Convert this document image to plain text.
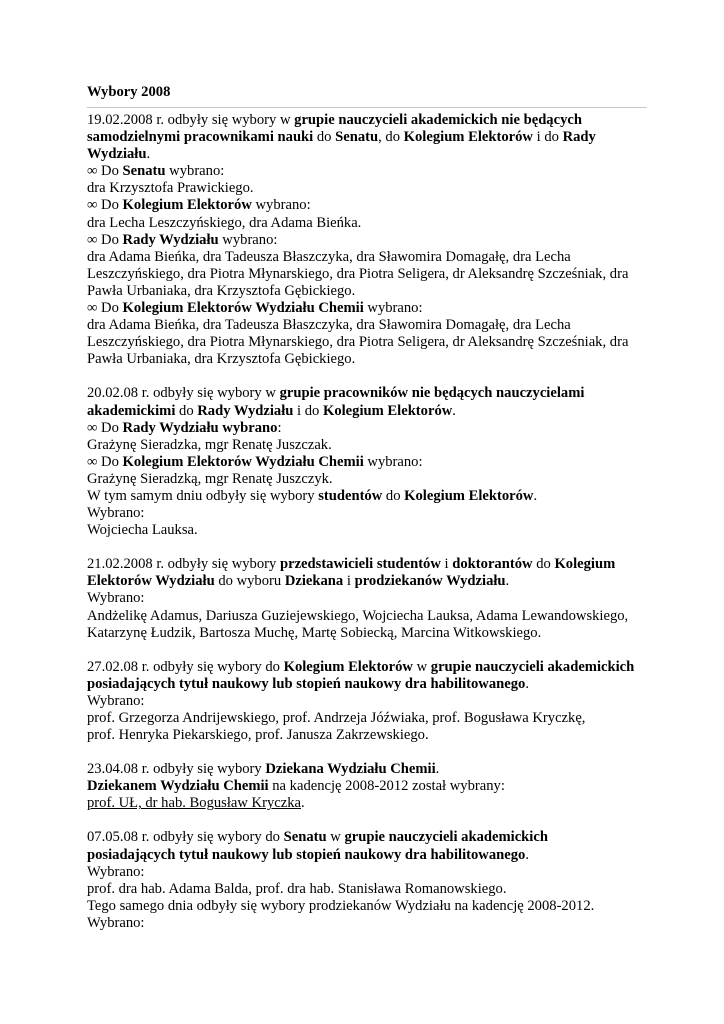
Wybory 2008
19.02.2008 r. odbyły się wybory w grupie nauczycieli akademickich nie będących
samodzielnymi pracownikami nauki do Senatu, do Kolegium Elektorów i do Rady
Wydziału.
∞ Do Senatu wybrano:
dra Krzysztofa Prawickiego.
∞ Do Kolegium Elektorów wybrano:
dra Lecha Leszczyńskiego, dra Adama Bieńka.
∞ Do Rady Wydziału wybrano:
dra Adama Bieńka, dra Tadeusza Błaszczyka, dra Sławomira Domagałę, dra Lecha
Leszczyńskiego, dra Piotra Młynarskiego, dra Piotra Seligera, dr Aleksandrę Szcześniak, dra
Pawła Urbaniaka, dra Krzysztofa Gębickiego.
∞ Do Kolegium Elektorów Wydziału Chemii wybrano:
dra Adama Bieńka, dra Tadeusza Błaszczyka, dra Sławomira Domagałę, dra Lecha
Leszczyńskiego, dra Piotra Młynarskiego, dra Piotra Seligera, dr Aleksandrę Szcześniak, dra
Pawła Urbaniaka, dra Krzysztofa Gębickiego.
20.02.08 r. odbyły się wybory w grupie pracowników nie będących nauczycielami
akademickimi do Rady Wydziału i do Kolegium Elektorów.
∞ Do Rady Wydziału wybrano:
Grażynę Sieradzka, mgr Renatę Juszczak.
∞ Do Kolegium Elektorów Wydziału Chemii wybrano:
Grażynę Sieradzką, mgr Renatę Juszczyk.
W tym samym dniu odbyły się wybory studentów do Kolegium Elektorów.
Wybrano:
Wojciecha Lauksa.
21.02.2008 r. odbyły się wybory przedstawicieli studentów i doktorantów do Kolegium
Elektorów Wydziału do wyboru Dziekana i prodziekanów Wydziału.
Wybrano:
Andżelikę Adamus, Dariusza Guziejewskiego, Wojciecha Lauksa, Adama Lewandowskiego,
Katarzynę Łudzik, Bartosza Muchę, Martę Sobiecką, Marcina Witkowskiego.
27.02.08 r. odbyły się wybory do Kolegium Elektorów w grupie nauczycieli akademickich
posiadających tytuł naukowy lub stopień naukowy dra habilitowanego.
Wybrano:
prof. Grzegorza Andrijewskiego, prof. Andrzeja Jóźwiaka, prof. Bogusława Kryczkę,
prof. Henryka Piekarskiego, prof. Janusza Zakrzewskiego.
23.04.08 r. odbyły się wybory Dziekana Wydziału Chemii.
Dziekanem Wydziału Chemii na kadencję 2008-2012 został wybrany:
prof. UŁ, dr hab. Bogusław Kryczka.
07.05.08 r. odbyły się wybory do Senatu w grupie nauczycieli akademickich
posiadających tytuł naukowy lub stopień naukowy dra habilitowanego.
Wybrano:
prof. dra hab. Adama Balda, prof. dra hab. Stanisława Romanowskiego.
Tego samego dnia odbyły się wybory prodziekanów Wydziału na kadencję 2008-2012.
Wybrano:
